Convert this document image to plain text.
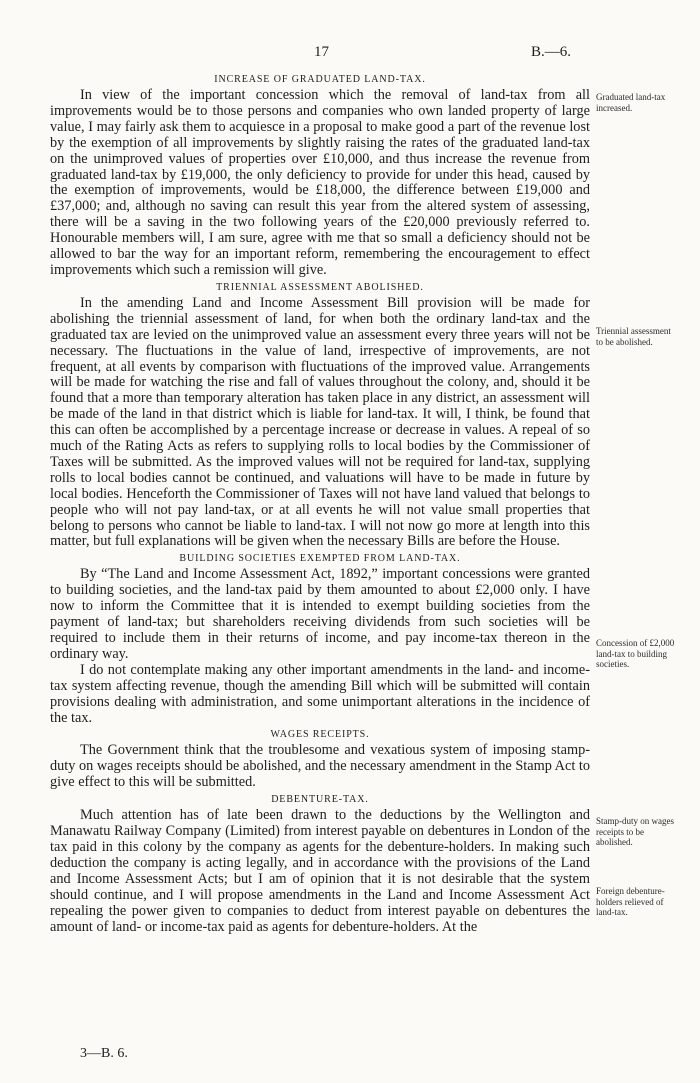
17	B.—6.
INCREASE OF GRADUATED LAND-TAX.

In view of the important concession which the removal of land-tax from all improvements would be to those persons and companies who own landed property of large value, I may fairly ask them to acquiesce in a proposal to make good a part of the revenue lost by the exemption of all improvements by slightly raising the rates of the graduated land-tax on the unimproved values of properties over £10,000, and thus increase the revenue from graduated land-tax by £19,000, the only deficiency to provide for under this head, caused by the exemption of improvements, would be £18,000, the difference between £19,000 and £37,000; and, although no saving can result this year from the altered system of assessing, there will be a saving in the two following years of the £20,000 previously referred to. Honourable members will, I am sure, agree with me that so small a deficiency should not be allowed to bar the way for an important reform, remembering the encouragement to effect improvements which such a remission will give.

TRIENNIAL ASSESSMENT ABOLISHED.

In the amending Land and Income Assessment Bill provision will be made for abolishing the triennial assessment of land, for when both the ordinary land-tax and the graduated tax are levied on the unimproved value an assessment every three years will not be necessary. The fluctuations in the value of land, irrespective of improvements, are not frequent, at all events by comparison with fluctuations of the improved value. Arrangements will be made for watching the rise and fall of values throughout the colony, and, should it be found that a more than temporary alteration has taken place in any district, an assessment will be made of the land in that district which is liable for land-tax. It will, I think, be found that this can often be accomplished by a percentage increase or decrease in values. A repeal of so much of the Rating Acts as refers to supplying rolls to local bodies by the Commissioner of Taxes will be submitted. As the improved values will not be required for land-tax, supplying rolls to local bodies cannot be continued, and valuations will have to be made in future by local bodies. Henceforth the Commissioner of Taxes will not have land valued that belongs to people who will not pay land-tax, or at all events he will not value small properties that belong to persons who cannot be liable to land-tax. I will not now go more at length into this matter, but full explanations will be given when the necessary Bills are before the House.

BUILDING SOCIETIES EXEMPTED FROM LAND-TAX.

By “The Land and Income Assessment Act, 1892,” important concessions were granted to building societies, and the land-tax paid by them amounted to about £2,000 only. I have now to inform the Committee that it is intended to exempt building societies from the payment of land-tax; but shareholders receiving dividends from such societies will be required to include them in their returns of income, and pay income-tax thereon in the ordinary way.

I do not contemplate making any other important amendments in the land- and income-tax system affecting revenue, though the amending Bill which will be submitted will contain provisions dealing with administration, and some unimportant alterations in the incidence of the tax.

WAGES RECEIPTS.

The Government think that the troublesome and vexatious system of imposing stamp-duty on wages receipts should be abolished, and the necessary amendment in the Stamp Act to give effect to this will be submitted.

DEBENTURE-TAX.

Much attention has of late been drawn to the deductions by the Wellington and Manawatu Railway Company (Limited) from interest payable on debentures in London of the tax paid in this colony by the company as agents for the debenture-holders. In making such deduction the company is acting legally, and in accordance with the provisions of the Land and Income Assessment Acts; but I am of opinion that it is not desirable that the system should continue, and I will propose amendments in the Land and Income Assessment Act repealing the power given to companies to deduct from interest payable on debentures the amount of land- or income-tax paid as agents for debenture-holders. At the

Graduated land-tax increased.
Triennial assessment to be abolished.
Concession of £2,000 land-tax to building societies.
Stamp-duty on wages receipts to be abolished.
Foreign debenture-holders relieved of land-tax.
3—B. 6.
